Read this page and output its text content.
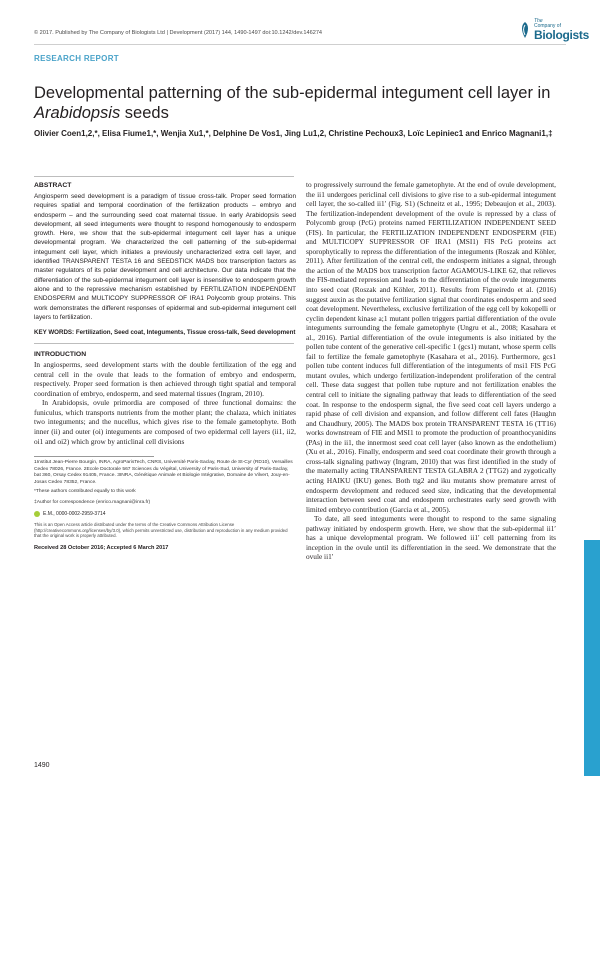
© 2017. Published by The Company of Biologists Ltd | Development (2017) 144, 1490-1497 doi:10.1242/dev.146274
The
Company of
Biologists
RESEARCH REPORT
Developmental patterning of the sub-epidermal integument cell layer in Arabidopsis seeds
Olivier Coen1,2,*, Elisa Fiume1,*, Wenjia Xu1,*, Delphine De Vos1, Jing Lu1,2, Christine Pechoux3, Loïc Lepiniec1 and Enrico Magnani1,‡
ABSTRACT
Angiosperm seed development is a paradigm of tissue cross-talk. Proper seed formation requires spatial and temporal coordination of the fertilization products – embryo and endosperm – and the surrounding seed coat maternal tissue. In early Arabidopsis seed development, all seed integuments were thought to respond homogenously to endosperm growth. Here, we show that the sub-epidermal integument cell layer has a unique developmental program. We characterized the cell patterning of the sub-epidermal integument cell layer, which initiates a previously uncharacterized extra cell layer, and identified TRANSPARENT TESTA 16 and SEEDSTICK MADS box transcription factors as master regulators of its polar development and cell architecture. Our data indicate that the differentiation of the sub-epidermal integument cell layer is insensitive to endosperm growth alone and to the repressive mechanism established by FERTILIZATION INDEPENDENT ENDOSPERM and MULTICOPY SUPPRESSOR OF IRA1 Polycomb group proteins. This work demonstrates the different responses of epidermal and sub-epidermal integument cell layers to fertilization.
KEY WORDS: Fertilization, Seed coat, Integuments, Tissue cross-talk, Seed development
INTRODUCTION

In angiosperms, seed development starts with the double fertilization of the egg and central cell in the ovule that leads to the formation of embryo and endosperm, respectively. Proper seed formation is then achieved through tight spatial and temporal coordination of embryo, endosperm, and seed maternal tissues (Ingram, 2010).

In Arabidopsis, ovule primordia are composed of three functional domains: the funiculus, which transports nutrients from the mother plant; the chalaza, which initiates two integuments; and the nucellus, which gives rise to the female gametophyte. Both inner (ii) and outer (oi) integuments are composed of two epidermal cell layers (ii1, ii2, oi1 and oi2) which grow by anticlinal cell divisions

1Institut Jean-Pierre Bourgin, INRA, AgroParisTech, CNRS, Université Paris-Saclay, Route de St-Cyr (RD10), Versailles Cedex 78026, France. 2Ecole Doctorale 567 Sciences du Végétal, University of Paris-Sud, University of Paris-Saclay, bat 360, Orsay Cedex 91405, France. 3INRA, Génétique Animale et Biologie Intégrative, Domaine de Vilvert, Jouy-en-Josas Cedex 78352, France.
*These authors contributed equally to this work
‡Author for correspondence (enrico.magnani@inra.fr)
E.M., 0000-0002-2959-3714
This is an Open Access article distributed under the terms of the Creative Commons Attribution License (http://creativecommons.org/licenses/by/3.0), which permits unrestricted use, distribution and reproduction in any medium provided that the original work is properly attributed.
Received 28 October 2016; Accepted 6 March 2017

to progressively surround the female gametophyte. At the end of ovule development, the ii1 undergoes periclinal cell divisions to give rise to a sub-epidermal integument cell layer, the so-called ii1′ (Fig. S1) (Schneitz et al., 1995; Debeaujon et al., 2003). The fertilization-independent development of the ovule is repressed by a class of Polycomb group (PcG) proteins named FERTILIZATION INDEPENDENT SEED (FIS). In particular, the FERTILIZATION INDEPENDENT ENDOSPERM (FIE) and MULTICOPY SUPPRESSOR OF IRA1 (MSI1) FIS PcG proteins act sporophytically to repress the differentiation of the integuments (Roszak and Köhler, 2011). After fertilization of the central cell, the endosperm initiates a signal, through the action of the MADS box transcription factor AGAMOUS-LIKE 62, that relieves the FIS-mediated repression and leads to the differentiation of the ovule integuments into seed coat (Roszak and Köhler, 2011). Results from Figueiredo et al. (2016) suggest auxin as the putative fertilization signal that coordinates endosperm and seed coat development. Nevertheless, exclusive fertilization of the egg cell by kokopelli or cyclin dependent kinase a;1 mutant pollen triggers partial differentiation of the ovule integuments surrounding the female gametophyte (Ungru et al., 2008; Kasahara et al., 2016). Partial differentiation of the ovule integuments is also initiated by the pollen tube content of the generative cell-specific 1 (gcs1) mutant, whose sperm cells fail to fertilize the female gametophyte (Kasahara et al., 2016). Furthermore, gcs1 pollen tube content induces full differentiation of the integuments of msi1 FIS PcG mutant ovules, which undergo fertilization-independent proliferation of the central cell. These data suggest that pollen tube rupture and not fertilization enables the central cell to initiate the signaling pathway that leads to differentiation of the seed coat. In response to the endosperm signal, the five seed coat cell layers undergo a rapid phase of cell division and expansion, and follow different cell fates (Haughn and Chaudhury, 2005). The MADS box protein TRANSPARENT TESTA 16 (TT16) works downstream of FIE and MSI1 to promote the production of proanthocyanidins (PAs) in the ii1, the innermost seed coat cell layer (also known as the endothelium) (Xu et al., 2016). Finally, endosperm and seed coat coordinate their growth through a cross-talk signaling pathway (Ingram, 2010) that was first identified in the study of the maternally acting TRANSPARENT TESTA GLABRA 2 (TTG2) and zygotically acting HAIKU (IKU) genes. Both ttg2 and iku mutants show premature arrest of endosperm development and reduced seed size, indicating that the developmental interaction between seed coat and endosperm orchestrates early seed growth with limited embryo contribution (Garcia et al., 2005).

To date, all seed integuments were thought to respond to the same signaling pathway initiated by endosperm growth. Here, we show that the sub-epidermal ii1′ has a unique developmental program. We followed ii1′ cell patterning from its inception in the ovule until its differentiation in the seed. We demonstrate that the ovule ii1′

1490
DEVELOPMENT
